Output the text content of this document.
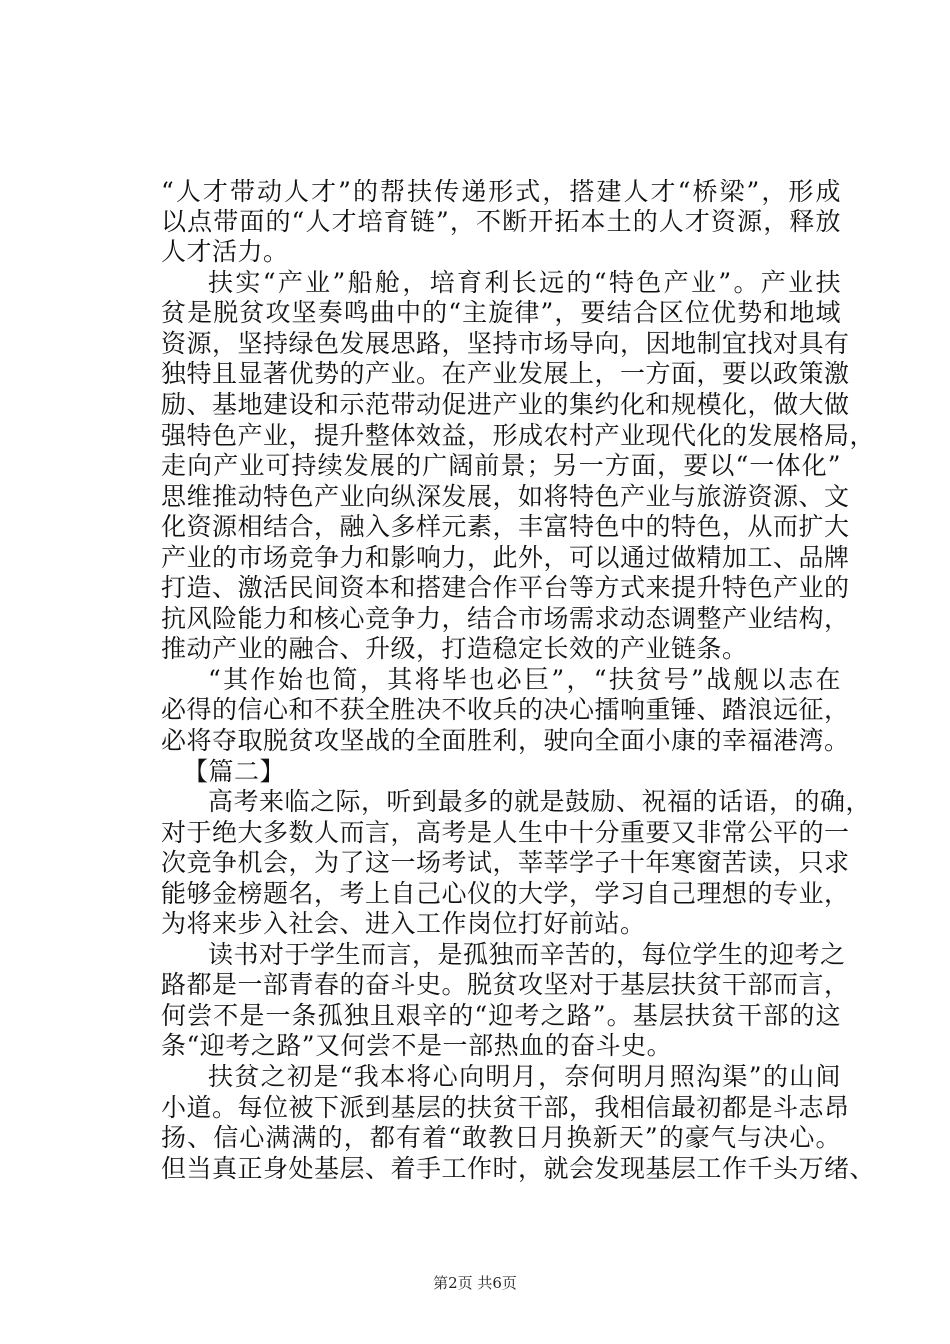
“人才带动人才”的帮扶传递形式，搭建人才“桥梁”，形成

以点带面的“人才培育链”，不断开拓本土的人才资源，释放

人才活力。

扶实“产业”船舱，培育利长远的“特色产业”。产业扶

贫是脱贫攻坚奏鸣曲中的“主旋律”，要结合区位优势和地域

资源，坚持绿色发展思路，坚持市场导向，因地制宜找对具有

独特且显著优势的产业。在产业发展上，一方面，要以政策激

励、基地建设和示范带动促进产业的集约化和规模化，做大做

强特色产业，提升整体效益，形成农村产业现代化的发展格局，

走向产业可持续发展的广阔前景；另一方面，要以“一体化”

思维推动特色产业向纵深发展，如将特色产业与旅游资源、文

化资源相结合，融入多样元素，丰富特色中的特色，从而扩大

产业的市场竞争力和影响力，此外，可以通过做精加工、品牌

打造、激活民间资本和搭建合作平台等方式来提升特色产业的

抗风险能力和核心竞争力，结合市场需求动态调整产业结构，

推动产业的融合、升级，打造稳定长效的产业链条。

“其作始也简，其将毕也必巨”，“扶贫号”战舰以志在

必得的信心和不获全胜决不收兵的决心擂响重锤、踏浪远征，

必将夺取脱贫攻坚战的全面胜利，驶向全面小康的幸福港湾。

【篇二】

高考来临之际，听到最多的就是鼓励、祝福的话语，的确，

对于绝大多数人而言，高考是人生中十分重要又非常公平的一

次竞争机会，为了这一场考试，莘莘学子十年寒窗苦读，只求

能够金榜题名，考上自己心仪的大学，学习自己理想的专业，

为将来步入社会、进入工作岗位打好前站。

读书对于学生而言，是孤独而辛苦的，每位学生的迎考之

路都是一部青春的奋斗史。脱贫攻坚对于基层扶贫干部而言，

何尝不是一条孤独且艰辛的“迎考之路”。基层扶贫干部的这

条“迎考之路”又何尝不是一部热血的奋斗史。

扶贫之初是“我本将心向明月，奈何明月照沟渠”的山间

小道。每位被下派到基层的扶贫干部，我相信最初都是斗志昂

扬、信心满满的，都有着“敢教日月换新天”的豪气与决心。

但当真正身处基层、着手工作时，就会发现基层工作千头万绪、

第2页 共6页
